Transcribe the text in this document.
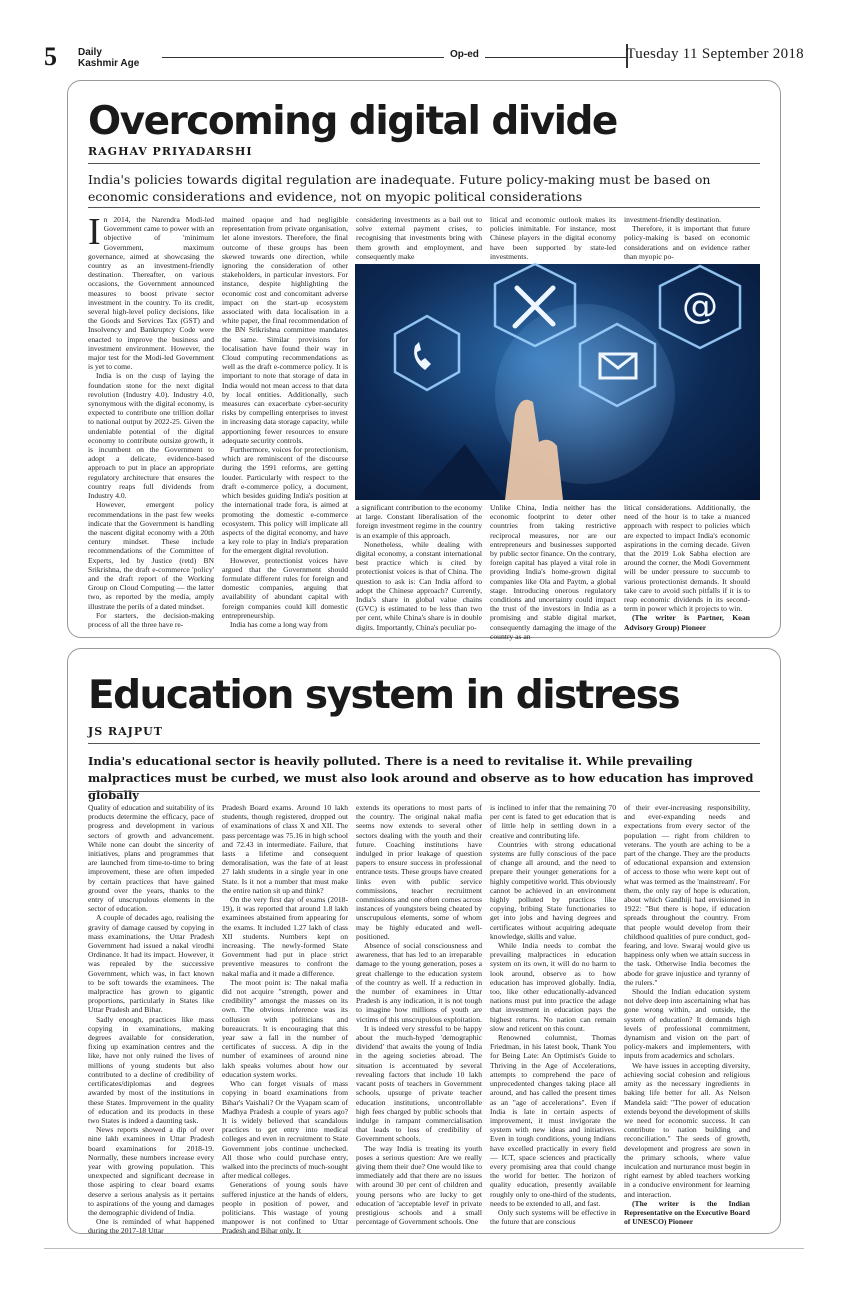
5 Daily
Kashmir Age
Op-ed	Tuesday 11 September 2018
Overcoming digital divide
RAGHAV PRIYADARSHI
India's policies towards digital regulation are inadequate. Future policy-making must be based on economic considerations and evidence, not on myopic political considerations

In 2014, the Narendra Modi-led Government came to power with an objective of 'minimum Government, maximum governance, aimed at showcasing the country as an investment-friendly destination. Thereafter, on various occasions, the Government announced measures to boost private sector investment in the country. To its credit, several high-level policy decisions, like the Goods and Services Tax (GST) and Insolvency and Bankruptcy Code were enacted to improve the business and investment environment. However, the major test for the Modi-led Government is yet to come.

India is on the cusp of laying the foundation stone for the next digital revolution (Industry 4.0). Industry 4.0, synonymous with the digital economy, is expected to contribute one trillion dollar to national output by 2022-25. Given the undeniable potential of the digital economy to contribute outsize growth, it is incumbent on the Government to adopt a delicate, evidence-based approach to put in place an appropriate regulatory architecture that ensures the country reaps full dividends from Industry 4.0.

However, emergent policy recommendations in the past few weeks indicate that the Government is handling the nascent digital economy with a 20th century mindset. These include recommendations of the Committee of Experts, led by Justice (retd) BN Srikrishna, the draft e-commerce 'policy' and the draft report of the Working Group on Cloud Computing — the latter two, as reported by the media, amply illustrate the perils of a dated mindset.

For starters, the decision-making process of all the three have re-

mained opaque and had negligible representation from private organisation, let alone investors. Therefore, the final outcome of these groups has been skewed towards one direction, while ignoring the consideration of other stakeholders, in particular investors. For instance, despite highlighting the economic cost and concomitant adverse impact on the start-up ecosystem associated with data localisation in a white paper, the final recommendation of the BN Srikrishna committee mandates the same. Similar provisions for localisation have found their way in Cloud computing recommendations as well as the draft e-commerce policy. It is important to note that storage of data in India would not mean access to that data by local entities. Additionally, such measures can exacerbate cyber-security risks by compelling enterprises to invest in increasing data storage capacity, while apportioning fewer resources to ensure adequate security controls.

Furthermore, voices for protectionism, which are reminiscent of the discourse during the 1991 reforms, are getting louder. Particularly with respect to the draft e-commerce policy, a document, which besides guiding India's position at the international trade fora, is aimed at promoting the domestic e-commerce ecosystem. This policy will implicate all aspects of the digital economy, and have a key role to play in India's preparation for the emergent digital revolution.

However, protectionist voices have argued that the Government should formulate different rules for foreign and domestic companies, arguing that availability of abundant capital with foreign companies could kill domestic entrepreneurship.

India has come a long way from

considering investments as a bail out to solve external payment crises, to recognising that investments bring with them growth and employment, and consequently make

litical and economic outlook makes its policies inimitable. For instance, most Chinese players in the digital economy have been supported by state-led investments.

investment-friendly destination.

Therefore, it is important that future policy-making is based on economic considerations and on evidence rather than myopic po-

a significant contribution to the economy at large. Constant liberalisation of the foreign investment regime in the country is an example of this approach.

Nonetheless, while dealing with digital economy, a constant international best practice which is cited by protectionist voices is that of China. The question to ask is: Can India afford to adopt the Chinese approach? Currently, India's share in global value chains (GVC) is estimated to be less than two per cent, while China's share is in double digits. Importantly, China's peculiar po-

Unlike China, India neither has the economic footprint to deter other countries from taking restrictive reciprocal measures, nor are our entrepreneurs and businesses supported by public sector finance. On the contrary, foreign capital has played a vital role in providing India's home-grown digital companies like Ola and Paytm, a global stage. Introducing onerous regulatory conditions and uncertainty could impact the trust of the investors in India as a promising and stable digital market, consequently damaging the image of the country as an

litical considerations. Additionally, the need of the hour is to take a nuanced approach with respect to policies which are expected to impact India's economic aspirations in the coming decade. Given that the 2019 Lok Sabha election are around the corner, the Modi Government will be under pressure to succumb to various protectionist demands. It should take care to avoid such pitfalls if it is to reap economic dividends in its second-term in power which it projects to win.

(The writer is Partner, Koan Advisory Group) Pioneer

@
Education system in distress
JS RAJPUT
India's educational sector is heavily polluted. There is a need to revitalise it. While prevailing malpractices must be curbed, we must also look around and observe as to how education has improved globally

Quality of education and suitability of its products determine the efficacy, pace of progress and development in various sectors of growth and advancement. While none can doubt the sincerity of initiatives, plans and programmes that are launched from time-to-time to bring improvement, these are often impeded by certain practices that have gained ground over the years, thanks to the entry of unscrupulous elements in the sector of education.

A couple of decades ago, realising the gravity of damage caused by copying in mass examinations, the Uttar Pradesh Government had issued a nakal virodhi Ordinance. It had its impact. However, it was repealed by the successive Government, which was, in fact known to be soft towards the examinees. The malpractice has grown to gigantic proportions, particularly in States like Uttar Pradesh and Bihar.

Sadly enough, practices like mass copying in examinations, making degrees available for consideration, fixing up examination centres and the like, have not only ruined the lives of millions of young students but also contributed to a decline of credibility of certificates/diplomas and degrees awarded by most of the institutions in these States. Improvement in the quality of education and its products in these two States is indeed a daunting task.

News reports showed a dip of over nine lakh examinees in Uttar Pradesh board examinations for 2018-19. Normally, these numbers increase every year with growing population. This unexpected and significant decrease in those aspiring to clear board exams deserve a serious analysis as it pertains to aspirations of the young and damages the demographic dividend of India.

One is reminded of what happened during the 2017-18 Uttar

Pradesh Board exams. Around 10 lakh students, though registered, dropped out of examinations of class X and XII. The pass percentage was 75.16 in high school and 72.43 in intermediate. Failure, that lasts a lifetime and consequent demoralisation, was the fate of at least 27 lakh students in a single year in one State. Is it not a number that must make the entire nation sit up and think?

On the very first day of exams (2018-19), it was reported that around 1.8 lakh examinees abstained from appearing for the exams. It included 1.27 lakh of class XII students. Numbers kept on increasing. The newly-formed State Government had put in place strict preventive measures to confront the nakal mafia and it made a difference.

The moot point is: The nakal mafia did not acquire "strength, power and credibility" amongst the masses on its own. The obvious inference was its collusion with politicians and bureaucrats. It is encouraging that this year saw a fall in the number of certificates of success. A dip in the number of examinees of around nine lakh speaks volumes about how our education system works.

Who can forget visuals of mass copying in board examinations from Bihar's Vaishali? Or the Vyapam scam of Madhya Pradesh a couple of years ago? It is widely believed that scandalous practices to get entry into medical colleges and even in recruitment to State Government jobs continue unchecked. All those who could purchase entry, walked into the precincts of much-sought after medical colleges.

Generations of young souls have suffered injustice at the hands of elders, people in position of power, and politicians. This wastage of young manpower is not confined to Uttar Pradesh and Bihar only. It

extends its operations to most parts of the country. The original nakal mafia seems now extends to several other sectors dealing with the youth and their future. Coaching institutions have indulged in prior leakage of question papers to ensure success in professional entrance tests. These groups have created links even with public service commissions, teacher recruitment commissions and one often comes across instances of youngsters being cheated by unscrupulous elements, some of whom may be highly educated and well-positioned.

Absence of social consciousness and awareness, that has led to an irreparable damage to the young generation, poses a great challenge to the education system of the country as well. If a reduction in the number of examinees in Uttar Pradesh is any indication, it is not tough to imagine how millions of youth are victims of this unscrupulous exploitation.

It is indeed very stressful to be happy about the much-hyped 'demographic dividend' that awaits the young of India in the ageing societies abroad. The situation is accentuated by several revealing factors that include 10 lakh vacant posts of teachers in Government schools, upsurge of private teacher education institutions, uncontrollable high fees charged by public schools that indulge in rampant commercialisation that leads to loss of credibility of Government schools.

The way India is treating its youth poses a serious question: Are we really giving them their due? One would like to immediately add that there are no issues with around 30 per cent of children and young persons who are lucky to get education of 'acceptable level' in private prestigious schools and a small percentage of Government schools. One

is inclined to infer that the remaining 70 per cent is fated to get education that is of little help in settling down in a creative and contributing life.

Countries with strong educational systems are fully conscious of the pace of change all around, and the need to prepare their younger generations for a highly competitive world. This obviously cannot be achieved in an environment highly polluted by practices like copying, bribing State functionaries to get into jobs and having degrees and certificates without acquiring adequate knowledge, skills and value.

While India needs to combat the prevailing malpractices in education system on its own, it will do no harm to look around, observe as to how education has improved globally. India, too, like other educationally-advanced nations must put into practice the adage that investment in education pays the highest returns. No nation can remain slow and reticent on this count.

Renowned columnist, Thomas Friedman, in his latest book, Thank You for Being Late: An Optimist's Guide to Thriving in the Age of Accelerations, attempts to comprehend the pace of unprecedented changes taking place all around, and has called the present times as an "age of accelerations". Even if India is late in certain aspects of improvement, it must invigorate the system with new ideas and initiatives. Even in tough conditions, young Indians have excelled practically in every field — ICT, space sciences and practically every promising area that could change the world for better. The horizon of quality education, presently available roughly only to one-third of the students, needs to be extended to all, and fast.

Only such systems will be effective in the future that are conscious

of their ever-increasing responsibility, and ever-expanding needs and expectations from every sector of the population — right from children to veterans. The youth are aching to be a part of the change. They are the products of educational expansion and extension of access to those who were kept out of what was termed as the 'mainstream'. For them, the only ray of hope is education, about which Gandhiji had envisioned in 1922: "But there is hope, if education spreads throughout the country. From that people would develop from their childhood qualities of pure conduct, god-fearing, and love. Swaraj would give us happiness only when we attain success in the task. Otherwise India becomes the abode for grave injustice and tyranny of the rulers."

Should the Indian education system not delve deep into ascertaining what has gone wrong within, and outside, the system of education? It demands high levels of professional commitment, dynamism and vision on the part of policy-makers and implementers, with inputs from academics and scholars.

We have issues in accepting diversity, achieving social cohesion and religious amity as the necessary ingredients in baking life better for all. As Nelson Mandela said: "The power of education extends beyond the development of skills we need for economic success. It can contribute to nation building and reconciliation." The seeds of growth, development and progress are sown in the primary schools, where value inculcation and nurturance must begin in right earnest by abled teachers working in a conducive environment for learning and interaction.

(The writer is the Indian Representative on the Executive Board of UNESCO) Pioneer
